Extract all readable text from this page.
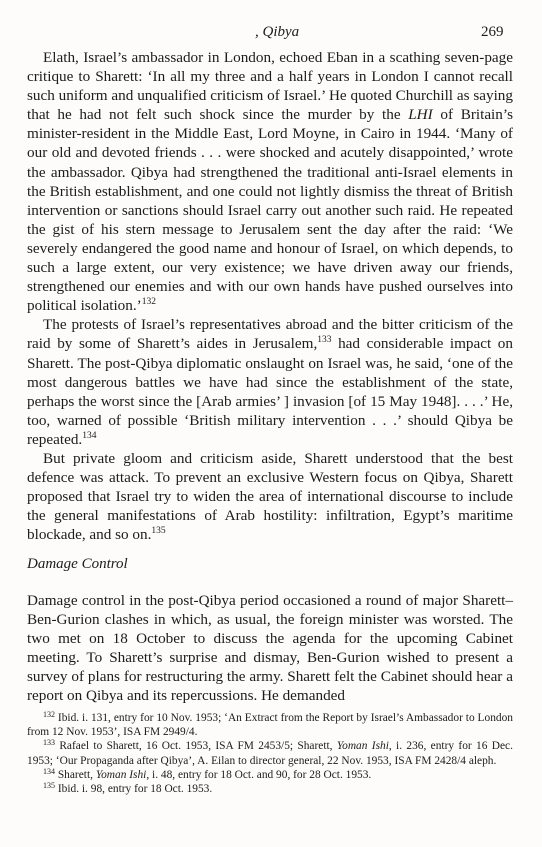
, Qibya	269

Elath, Israel’s ambassador in London, echoed Eban in a scathing seven-page critique to Sharett: ‘In all my three and a half years in London I cannot recall such uniform and unqualified criticism of Israel.’ He quoted Churchill as saying that he had not felt such shock since the murder by the LHI of Britain’s minister-resident in the Middle East, Lord Moyne, in Cairo in 1944. ‘Many of our old and devoted friends . . . were shocked and acutely disappointed,’ wrote the ambassador. Qibya had strengthened the traditional anti-Israel elements in the British establishment, and one could not lightly dismiss the threat of British intervention or sanctions should Israel carry out another such raid. He repeated the gist of his stern message to Jerusalem sent the day after the raid: ‘We severely endangered the good name and honour of Israel, on which depends, to such a large extent, our very existence; we have driven away our friends, strengthened our enemies and with our own hands have pushed ourselves into political isolation.’$^{132}$

The protests of Israel’s representatives abroad and the bitter criticism of the raid by some of Sharett’s aides in Jerusalem,$^{133}$ had considerable impact on Sharett. The post-Qibya diplomatic onslaught on Israel was, he said, ‘one of the most dangerous battles we have had since the establishment of the state, perhaps the worst since the [Arab armies’ ] invasion [of 15 May 1948]. . . .’ He, too, warned of possible ‘British military intervention . . .’ should Qibya be repeated.$^{134}$

But private gloom and criticism aside, Sharett understood that the best defence was attack. To prevent an exclusive Western focus on Qibya, Sharett proposed that Israel try to widen the area of international discourse to include the general manifestations of Arab hostility: infiltration, Egypt’s maritime blockade, and so on.$^{135}$

Damage Control

Damage control in the post-Qibya period occasioned a round of major Sharett–Ben-Gurion clashes in which, as usual, the foreign minister was worsted. The two met on 18 October to discuss the agenda for the upcoming Cabinet meeting. To Sharett’s surprise and dismay, Ben-Gurion wished to present a survey of plans for restructuring the army. Sharett felt the Cabinet should hear a report on Qibya and its repercussions. He demanded

$^{132}$ Ibid. i. 131, entry for 10 Nov. 1953; ‘An Extract from the Report by Israel’s Ambassador to London from 12 Nov. 1953’, ISA FM 2949/4.

$^{133}$ Rafael to Sharett, 16 Oct. 1953, ISA FM 2453/5; Sharett, Yoman Ishi, i. 236, entry for 16 Dec. 1953; ‘Our Propaganda after Qibya’, A. Eilan to director general, 22 Nov. 1953, ISA FM 2428/4 aleph.

$^{134}$ Sharett, Yoman Ishi, i. 48, entry for 18 Oct. and 90, for 28 Oct. 1953.

$^{135}$ Ibid. i. 98, entry for 18 Oct. 1953.
